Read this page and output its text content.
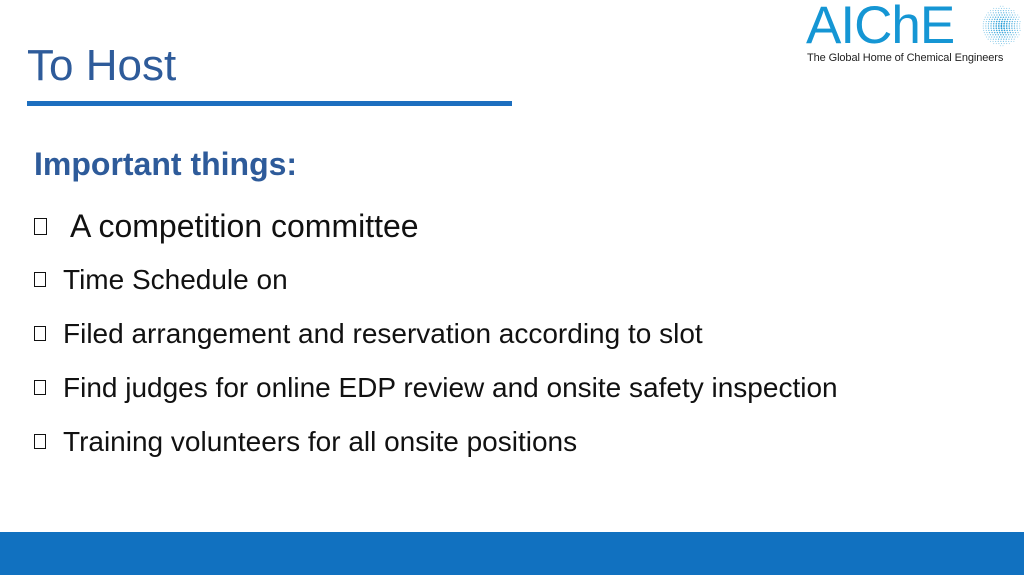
To Host
AIChE
The Global Home of Chemical Engineers
Important things:
A competition committee
Time Schedule on
Filed arrangement and reservation according to slot
Find judges for online EDP review and onsite safety inspection
Training volunteers for all onsite positions
